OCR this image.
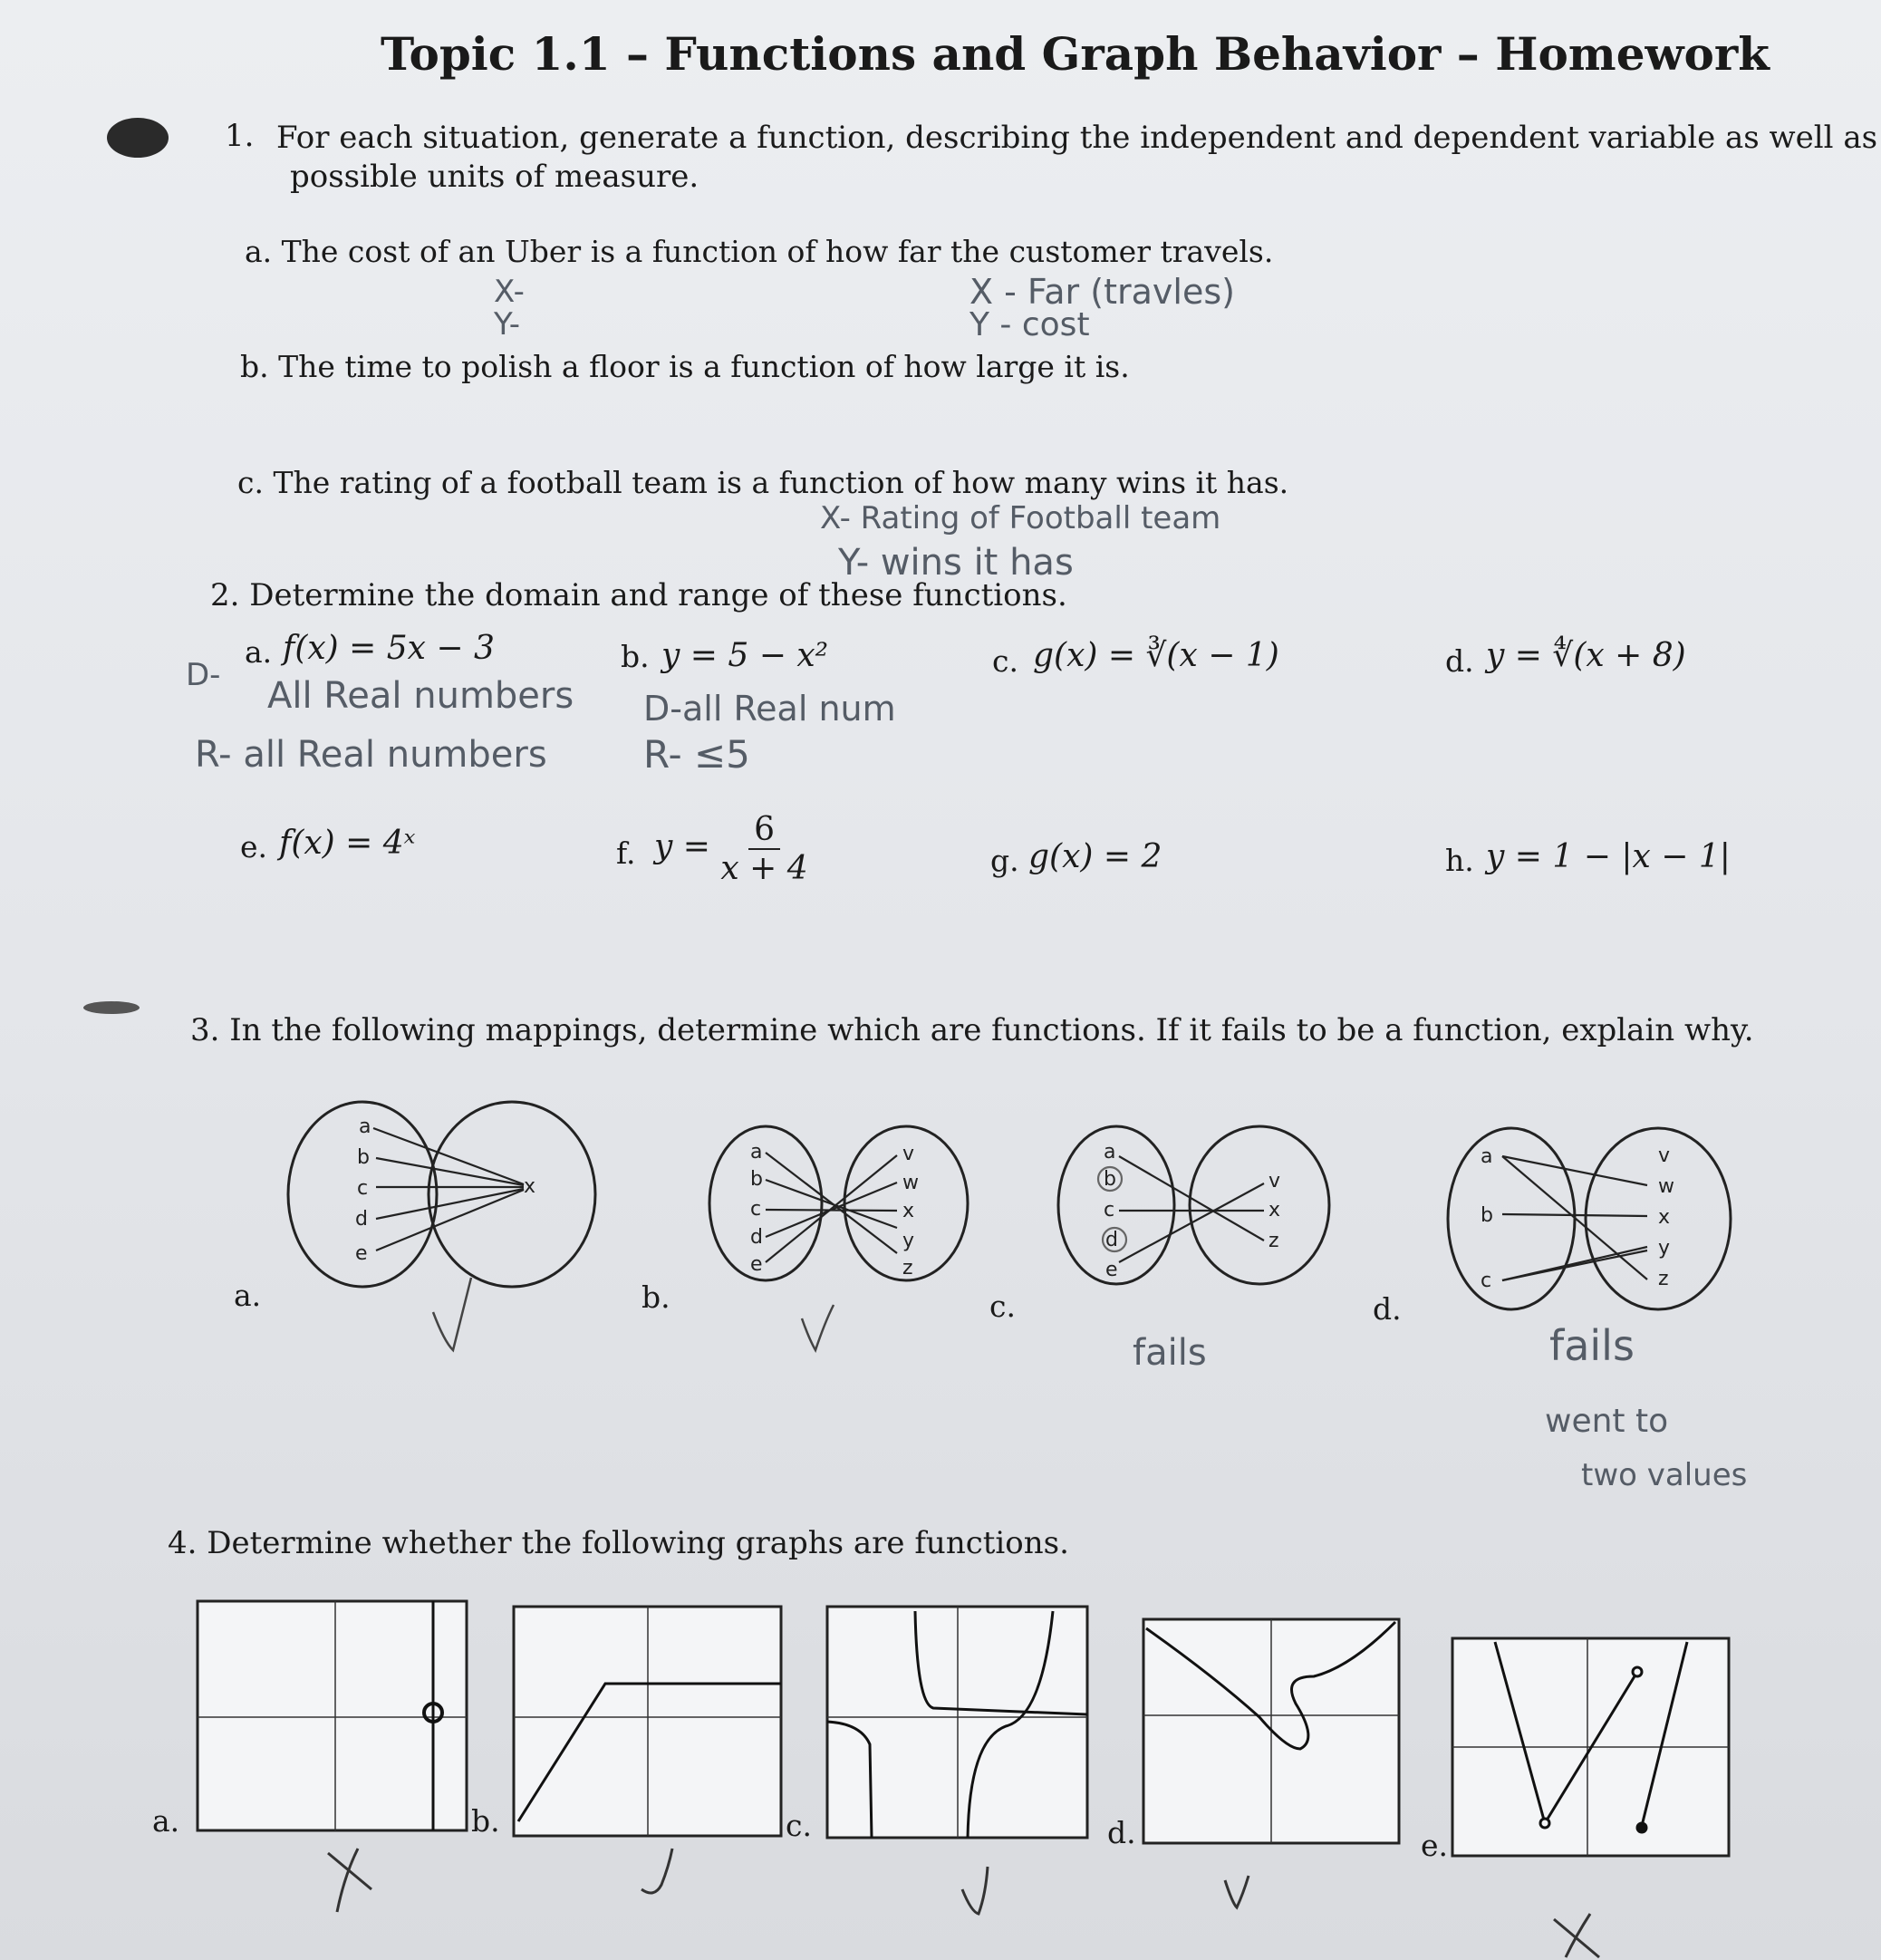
Topic 1.1 – Functions and Graph Behavior – Homework
1. For each situation, generate a function, describing the independent and dependent variable as well as
possible units of measure.
a. The cost of an Uber is a function of how far the customer travels.
X-
Y-
X - Far (travles)
Y - cost
b. The time to polish a floor is a function of how large it is.
c. The rating of a football team is a function of how many wins it has.
X- Rating of Football team
Y- wins it has
2. Determine the domain and range of these functions.
a. f(x) = 5x − 3	b. y = 5 − x²	c. g(x) = ∛(x − 1)	d. y = ∜(x + 8)
D- All Real numbers
R- all Real numbers
D-all Real num
R- ≤5
e. f(x) = 4ˣ	f. $y = \frac{6}{x + 4}$	g. g(x) = 2	h. y = 1 − |x − 1|
3. In the following mappings, determine which are functions. If it fails to be a function, explain why.
a
b
c
d
e
x
a
b
c
d
e
v
w
x
y
z
a
b
c
d
e
v
x
z
a
b
c
v
w
x
y
z
a.	b.	c.	d.
fails	fails
went to
two values
4. Determine whether the following graphs are functions.
a.	b.	c.	d.	e.
